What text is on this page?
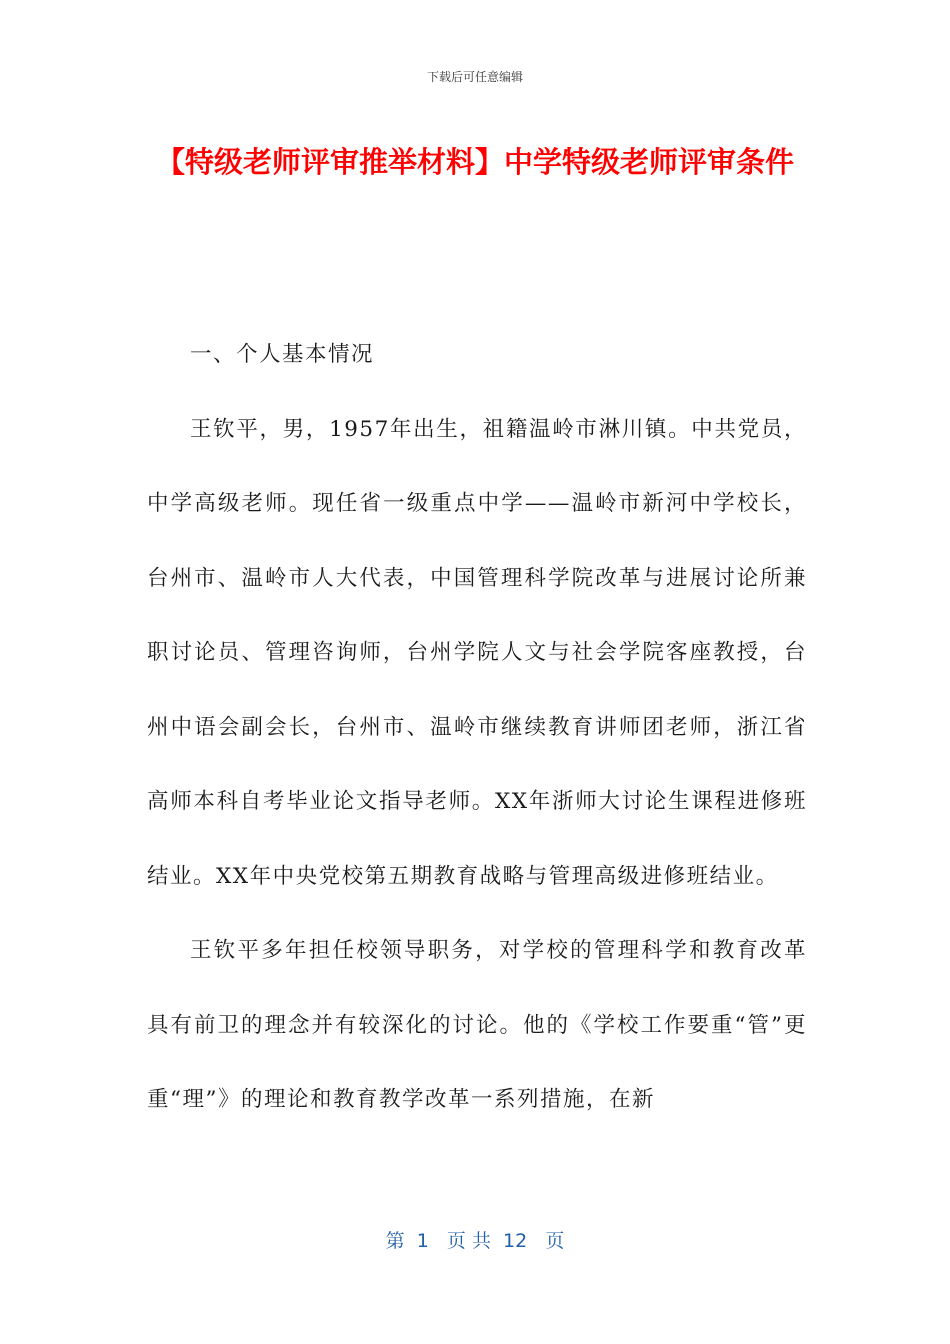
下载后可任意编辑
【特级老师评审推举材料】中学特级老师评审条件

一、个人基本情况

王钦平，男，1957年出生，祖籍温岭市淋川镇。中共党员，中学高级老师。现任省一级重点中学——温岭市新河中学校长，台州市、温岭市人大代表，中国管理科学院改革与进展讨论所兼职讨论员、管理咨询师，台州学院人文与社会学院客座教授，台州中语会副会长，台州市、温岭市继续教育讲师团老师，浙江省高师本科自考毕业论文指导老师。XX年浙师大讨论生课程进修班结业。XX年中央党校第五期教育战略与管理高级进修班结业。

王钦平多年担任校领导职务，对学校的管理科学和教育改革具有前卫的理念并有较深化的讨论。他的《学校工作要重“管”更重“理”》的理论和教育教学改革一系列措施，在新

第  1   页 共  12   页
